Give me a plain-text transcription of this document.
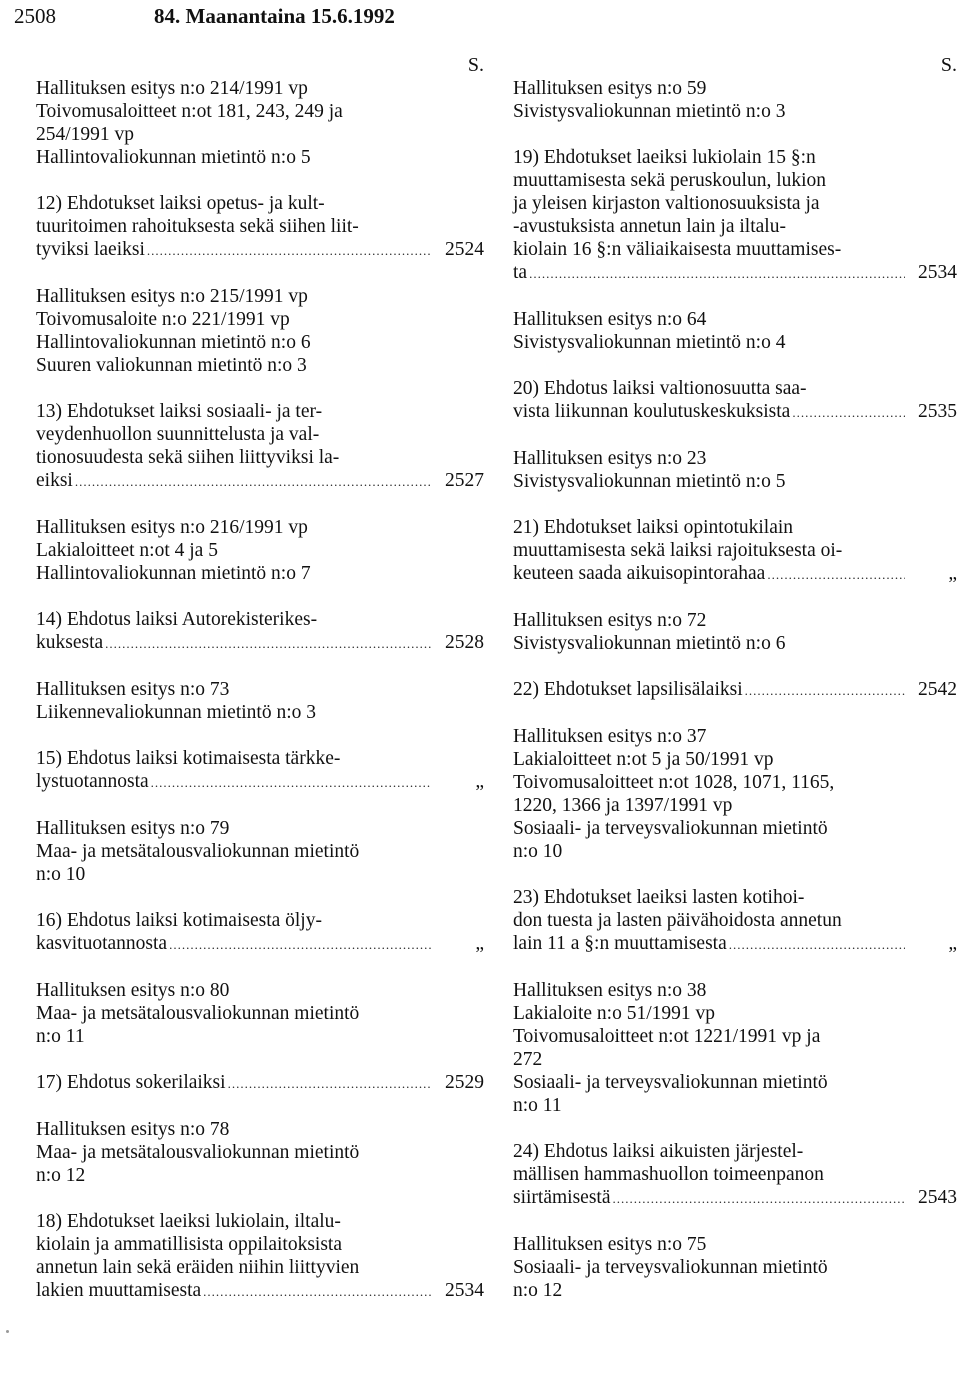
2508	84. Maanantaina 15.6.1992
S.
Hallituksen esitys n:o 214/1991 vp
Toivomusaloitteet n:ot 181, 243, 249 ja
254/1991 vp
Hallintovaliokunnan mietintö n:o 5
12) Ehdotukset laiksi opetus- ja kult-
tuuritoimen rahoituksesta sekä siihen liit-
tyviksi laeiksi .....	2524
Hallituksen esitys n:o 215/1991 vp
Toivomusaloite n:o 221/1991 vp
Hallintovaliokunnan mietintö n:o 6
Suuren valiokunnan mietintö n:o 3
13) Ehdotukset laiksi sosiaali- ja ter-
veydenhuollon suunnittelusta ja val-
tionosuudesta sekä siihen liittyviksi la-
eiksi .....	2527
Hallituksen esitys n:o 216/1991 vp
Lakialoitteet n:ot 4 ja 5
Hallintovaliokunnan mietintö n:o 7
14) Ehdotus laiksi Autorekisterikes-
kuksesta .....	2528
Hallituksen esitys n:o 73
Liikennevaliokunnan mietintö n:o 3
15) Ehdotus laiksi kotimaisesta tärkke-
lystuotannosta .....	„
Hallituksen esitys n:o 79
Maa- ja metsätalousvaliokunnan mietintö
n:o 10
16) Ehdotus laiksi kotimaisesta öljy-
kasvituotannosta .....	„
Hallituksen esitys n:o 80
Maa- ja metsätalousvaliokunnan mietintö
n:o 11
17) Ehdotus sokerilaiksi .....	2529
Hallituksen esitys n:o 78
Maa- ja metsätalousvaliokunnan mietintö
n:o 12
18) Ehdotukset laeiksi lukiolain, iltalu-
kiolain ja ammatillisista oppilaitoksista
annetun lain sekä eräiden niihin liittyvien
lakien muuttamisesta .....	2534
S.
Hallituksen esitys n:o 59
Sivistysvaliokunnan mietintö n:o 3
19) Ehdotukset laeiksi lukiolain 15 §:n
muuttamisesta sekä peruskoulun, lukion
ja yleisen kirjaston valtionosuuksista ja
-avustuksista annetun lain ja iltalu-
kiolain 16 §:n väliaikaisesta muuttamises-
ta .....	2534
Hallituksen esitys n:o 64
Sivistysvaliokunnan mietintö n:o 4
20) Ehdotus laiksi valtionosuutta saa-
vista liikunnan koulutuskeskuksista .....	2535
Hallituksen esitys n:o 23
Sivistysvaliokunnan mietintö n:o 5
21) Ehdotukset laiksi opintotukilain
muuttamisesta sekä laiksi rajoituksesta oi-
keuteen saada aikuisopintorahaa .....	„
Hallituksen esitys n:o 72
Sivistysvaliokunnan mietintö n:o 6
22) Ehdotukset lapsilisälaiksi .....	2542
Hallituksen esitys n:o 37
Lakialoitteet n:ot 5 ja 50/1991 vp
Toivomusaloitteet n:ot 1028, 1071, 1165,
1220, 1366 ja 1397/1991 vp
Sosiaali- ja terveysvaliokunnan mietintö
n:o 10
23) Ehdotukset laeiksi lasten kotihoi-
don tuesta ja lasten päivähoidosta annetun
lain 11 a §:n muuttamisesta .....	„
Hallituksen esitys n:o 38
Lakialoite n:o 51/1991 vp
Toivomusaloitteet n:ot 1221/1991 vp ja
272
Sosiaali- ja terveysvaliokunnan mietintö
n:o 11
24) Ehdotus laiksi aikuisten järjestel-
mällisen hammashuollon toimeenpanon
siirtämisestä .....	2543
Hallituksen esitys n:o 75
Sosiaali- ja terveysvaliokunnan mietintö
n:o 12
